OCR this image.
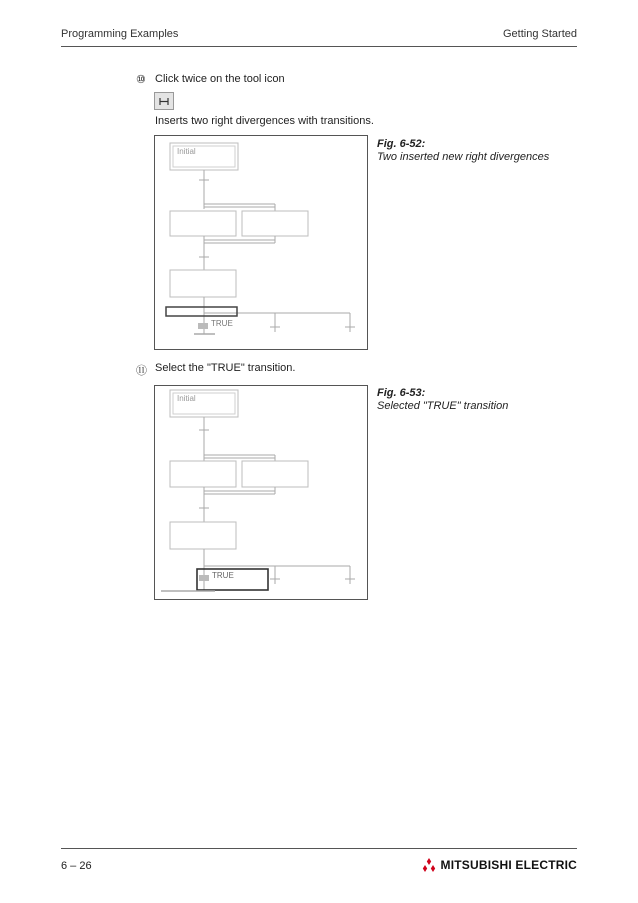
Programming Examples	Getting Started
⑩ Click twice on the tool icon
Inserts two right divergences with transitions.
Initial
TRUE
Fig. 6-52:
Two inserted new right divergences
⑪ Select the "TRUE" transition.
Initial
TRUE
Fig. 6-53:
Selected "TRUE" transition
6 – 26	MITSUBISHI ELECTRIC
